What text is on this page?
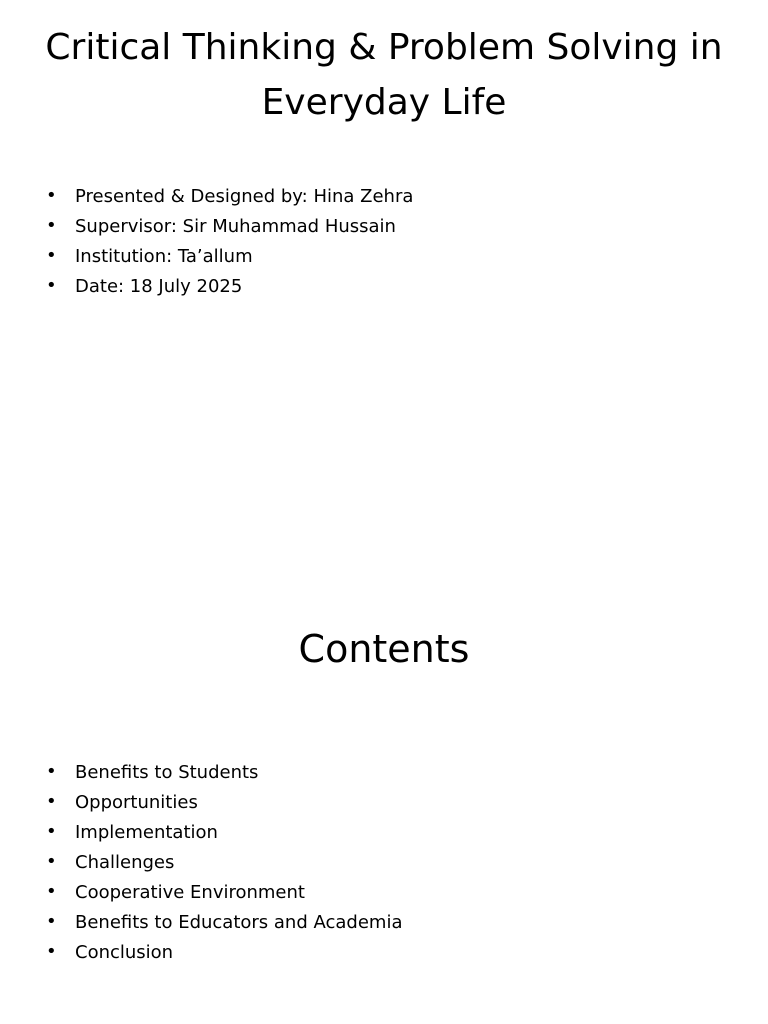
Critical Thinking & Problem Solving in Everyday Life
• Presented & Designed by: Hina Zehra
• Supervisor: Sir Muhammad Hussain
• Institution: Ta’allum
• Date: 18 July 2025
Contents
• Benefits to Students
• Opportunities
• Implementation
• Challenges
• Cooperative Environment
• Benefits to Educators and Academia
• Conclusion
